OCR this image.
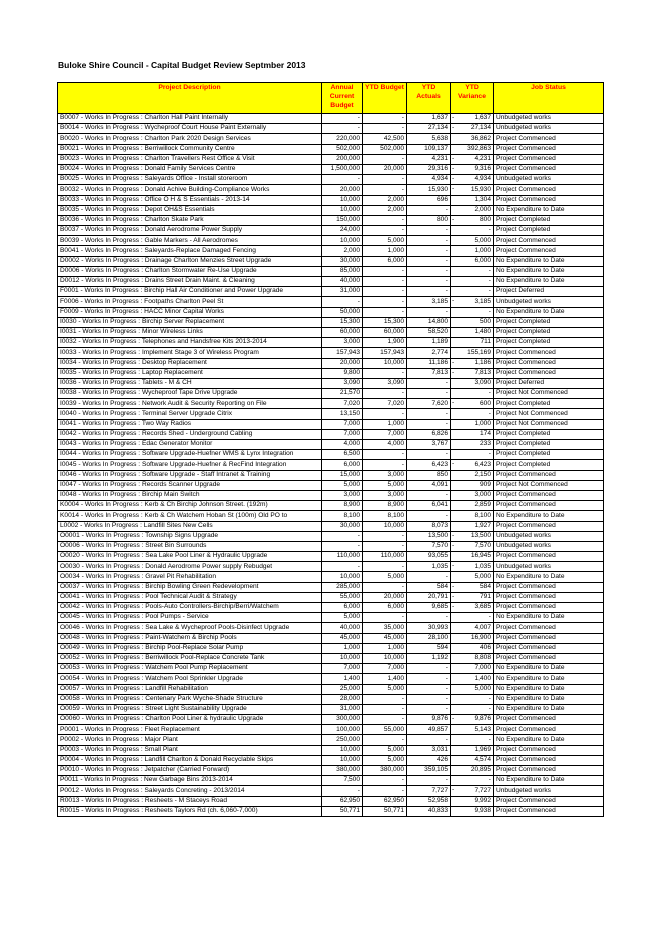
Buloke Shire Council - Capital Budget Review Septmber 2013
Project Description	Annual Current Budget	YTD Budget	YTD Actuals	YTD Variance	Job Status
B0007 - Works In Progress : Charlton Hall Paint Internally	-	-	1,637	- 1,637	Unbudgeted works
B0014 - Works In Progress : Wycheproof Court House Paint Externally	-	-	27,134	- 27,134	Unbudgeted works
B0020 - Works In Progress : Charlton Park 2020 Design Services	220,000	42,500	5,638	36,862	Project Commenced
B0021 - Works In Progress : Berriwillock Community Centre	502,000	502,000	109,137	392,863	Project Commenced
B0023 - Works In Progress : Charlton Travellers Rest Office & Visit	200,000	-	4,231	- 4,231	Project Commenced
B0024 - Works In Progress : Donald Family Services Centre	1,500,000	20,000	29,316	- 9,316	Project Commenced
B0025 - Works In Progress : Saleyards Office - Install storeroom	-	-	4,934	- 4,934	Unbudgeted works
B0032 - Works In Progress : Donald Achive Building-Compliance Works	20,000	-	15,930	- 15,930	Project Commenced
B0033 - Works In Progress : Office O H & S Essentials - 2013-14	10,000	2,000	696	1,304	Project Commenced
B0035 - Works In Progress : Depot OH&S Essentials	10,000	2,000	-	2,000	No Expenditure to Date
B0036 - Works In Progress : Charlton Skate Park	150,000	-	800	- 800	Project Completed
B0037 - Works In Progress : Donald Aerodrome Power Supply	24,000	-	-	-	Project Completed
B0039 - Works In Progress : Gable Markers - All Aerodromes	10,000	5,000	-	5,000	Project Commenced
B0041 - Works In Progress : Saleyards-Replace Damaged Fencing	2,000	1,000	-	1,000	Project Commenced
D0002 - Works In Progress : Drainage Charlton Menzies Street Upgrade	30,000	6,000	-	6,000	No Expenditure to Date
D0006 - Works In Progress : Charlton Stormwater Re-Use Upgrade	85,000	-	-	-	No Expenditure to Date
D0012 - Works In Progress : Drains Street Drain Maint. & Cleaning	40,000	-	-	-	No Expenditure to Date
F0001 - Works In Progress : Birchip Hall Air Conditioner and Power Upgrade	31,000	-	-	-	Project Deferred
F0006 - Works In Progress : Footpaths Charlton Peel St	-	-	3,185	- 3,185	Unbudgeted works
F0009 - Works In Progress : HACC Minor Capital Works	50,000	-	-	-	No Expenditure to Date
I0030 - Works In Progress : Birchip Server Replacement	15,300	15,300	14,800	500	Project Completed
I0031 - Works In Progress : Minor Wireless Links	60,000	60,000	58,520	1,480	Project Completed
I0032 - Works In Progress : Telephones and Handsfree Kits 2013-2014	3,000	1,900	1,189	711	Project Completed
I0033 - Works In Progress : Implement Stage 3 of Wireless Program	157,943	157,943	2,774	155,169	Project Commenced
I0034 - Works In Progress : Desktop Replacement	20,000	10,000	11,186	- 1,186	Project Commenced
I0035 - Works In Progress : Laptop Replacement	9,800	-	7,813	- 7,813	Project Commenced
I0036 - Works In Progress : Tablets - M & CH	3,090	3,090	-	3,090	Project Deferred
I0038 - Works In Progress : Wycheproof Tape Drive Upgrade	21,570	-	-	-	Project Not Commenced
I0039 - Works In Progress : Network Audit & Security Reporting on File	7,020	7,020	7,620	- 600	Project Completed
I0040 - Works In Progress : Terminal Server Upgrade Citrix	13,150	-	-	-	Project Not Commenced
I0041 - Works In Progress : Two Way Radios	7,000	1,000	-	1,000	Project Not Commenced
I0042 - Works In Progress : Records Shed - Underground Cabling	7,000	7,000	6,826	174	Project Completed
I0043 - Works In Progress : Edac Generator Monitor	4,000	4,000	3,767	233	Project Completed
I0044 - Works In Progress : Software Upgrade-Huefner WMS & Lynx Integration	6,500	-	-	-	Project Completed
I0045 - Works In Progress : Software Upgrade-Huefner & RecFind Integration	6,000	-	6,423	- 6,423	Project Completed
I0046 - Works In Progress : Software Upgrade - Staff Intranet & Training	15,000	3,000	850	2,150	Project Commenced
I0047 - Works In Progress : Records Scanner Upgrade	5,000	5,000	4,091	909	Project Not Commenced
I0048 - Works In Progress : Birchip Main Switch	3,000	3,000	-	3,000	Project Commenced
K0004 - Works In Progress : Kerb & Ch Birchip Johnson Street. (192m)	8,900	8,900	6,041	2,859	Project Commenced
K0014 - Works In Progress : Kerb & Ch Watchem Hoban St (100m) Old PO to	8,100	8,100	-	8,100	No Expenditure to Date
L0002 - Works In Progress : Landfill Sites New Cells	30,000	10,000	8,073	1,927	Project Commenced
O0001 - Works In Progress : Township Signs Upgrade	-	-	13,500	- 13,500	Unbudgeted works
O0006 - Works In Progress : Street Bin Surrounds	-	-	7,570	- 7,570	Unbudgeted works
O0020 - Works In Progress : Sea Lake Pool Liner & Hydraulic Upgrade	110,000	110,000	93,055	16,945	Project Commenced
O0030 - Works In Progress : Donald Aerodrome Power supply Rebudget	-	-	1,035	- 1,035	Unbudgeted works
O0034 - Works In Progress : Gravel Pit Rehabilitation	10,000	5,000	-	5,000	No Expenditure to Date
O0037 - Works In Progress : Birchip Bowling Green Redevelopment	285,000	-	584	- 584	Project Commenced
O0041 - Works In Progress : Pool Technical Audit & Strategy	55,000	20,000	20,791	- 791	Project Commenced
O0042 - Works In Progress : Pools-Auto Controllers-Birchip/Berri/Watchem	6,000	6,000	9,685	- 3,685	Project Commenced
O0045 - Works In Progress : Pool Pumps - Service	5,000	-	-	-	No Expenditure to Date
O0046 - Works In Progress : Sea Lake & Wycheproof Pools-Disinfect Upgrade	40,000	35,000	30,993	4,007	Project Commenced
O0048 - Works In Progress : Paint-Watchem & Birchip Pools	45,000	45,000	28,100	16,900	Project Commenced
O0049 - Works In Progress : Birchip Pool-Replace Solar Pump	1,000	1,000	594	406	Project Commenced
O0052 - Works In Progress : Berriwillock Pool-Replace Concrete Tank	10,000	10,000	1,192	8,808	Project Commenced
O0053 - Works In Progress : Watchem Pool Pump Replacement	7,000	7,000	-	7,000	No Expenditure to Date
O0054 - Works In Progress : Watchem Pool Sprinkler Upgrade	1,400	1,400	-	1,400	No Expenditure to Date
O0057 - Works In Progress : Landfill Rehabilitation	25,000	5,000	-	5,000	No Expenditure to Date
O0058 - Works In Progress : Centenary Park Wyche-Shade Structure	28,000	-	-	-	No Expenditure to Date
O0059 - Works In Progress : Street Light Sustainability Upgrade	31,000	-	-	-	No Expenditure to Date
O0060 - Works In Progress : Charlton Pool Liner & hydraulic Upgrade	300,000	-	9,876	- 9,876	Project Commenced
P0001 - Works In Progress : Fleet Replacement	100,000	55,000	49,857	5,143	Project Commenced
P0002 - Works In Progress : Major Plant	250,000	-	-	-	No Expenditure to Date
P0003 - Works In Progress : Small Plant	10,000	5,000	3,031	1,969	Project Commenced
P0004 - Works In Progress : Landfill Charlton & Donald Recyclable Skips	10,000	5,000	426	4,574	Project Commenced
P0010 - Works In Progress : Jetpatcher (Carried Forward)	380,000	380,000	359,105	20,895	Project Commenced
P0011 - Works In Progress : New Garbage Bins 2013-2014	7,500	-	-	-	No Expenditure to Date
P0012 - Works In Progress : Saleyards Concreting - 2013/2014	-	-	7,727	- 7,727	Unbudgeted works
R0013 - Works In Progress : Resheets - M Staceys Road	62,950	62,950	52,958	9,992	Project Commenced
R0015 - Works In Progress : Resheets Taylors Rd (ch. 6,060-7,000)	50,771	50,771	40,833	9,938	Project Commenced
